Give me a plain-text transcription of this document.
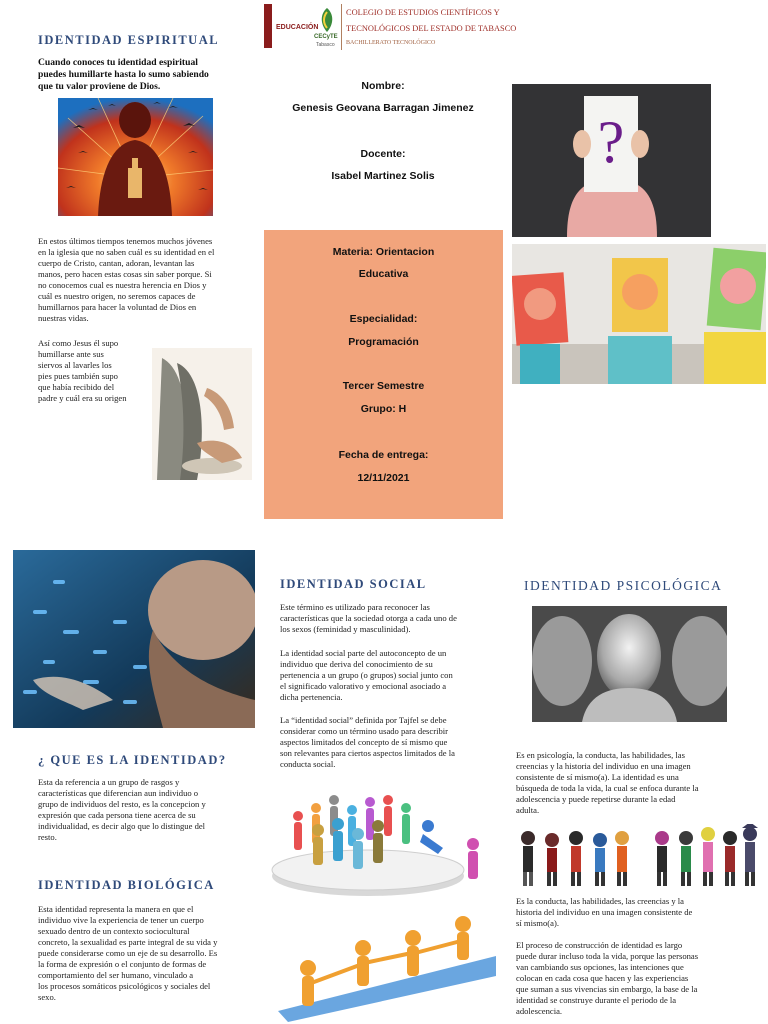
EDUCACIÓN
CECyTE
Tabasco
COLEGIO DE ESTUDIOS CIENTÍFICOS Y
TECNOLÓGICOS DEL ESTADO DE TABASCO
BACHILLERATO TECNOLÓGICO
Nombre:
Genesis Geovana Barragan Jimenez
Docente:
Isabel Martinez Solis
Materia: Orientacion
Educativa
Especialidad:
Programación
Tercer Semestre
Grupo: H
Fecha de entrega:
12/11/2021
IDENTIDAD ESPIRITUAL
Cuando conoces tu identidad espiritual
puedes humillarte hasta lo sumo sabiendo
que tu valor proviene de Dios.
En estos últimos tiempos tenemos muchos jóvenes
en la iglesia que no saben cuál es su identidad en el
cuerpo de Cristo, cantan, adoran, levantan las
manos, pero hacen estas cosas sin saber porque. Si
no conocemos cual es nuestra herencia en Dios y
cuál es nuestro origen, no seremos capaces de
humillarnos para hacer la voluntad de Dios en
nuestras vidas.
Así como Jesus él supo
humillarse ante sus
siervos al lavarles los
pies pues también supo
que había recibido del
padre y cuál era su origen
?
¿ QUE ES LA IDENTIDAD?
Esta da referencia a un grupo de rasgos y
características que diferencian aun individuo o
grupo de individuos del resto, es la concepcion y
expresión que cada persona tiene acerca de su
individualidad, es decir algo que lo distingue del
resto.
IDENTIDAD BIOLÓGICA
Esta identidad representa la manera en que el
individuo vive la experiencia de tener un cuerpo
sexuado dentro de un contexto sociocultural
concreto, la sexualidad es parte integral de su vida y
puede considerarse como un eje de su desarrollo. Es
la forma de expresión o el conjunto de formas de
comportamiento del ser humano, vinculado a
los procesos somáticos psicológicos y sociales del
sexo.
IDENTIDAD SOCIAL
Este término es utilizado para reconocer las
características que la sociedad otorga a cada uno de
los sexos (feminidad y masculinidad).
La identidad social parte del autoconcepto de un
individuo que deriva del conocimiento de su
pertenencia a un grupo (o grupos) social junto con
el significado valorativo y emocional asociado a
dicha pertenencia.
La “identidad social” definida por Tajfel se debe
considerar como un término usado para describir
aspectos limitados del concepto de sí mismo que
son relevantes para ciertos aspectos limitados de la
conducta social.
IDENTIDAD PSICOLÓGICA
Es en psicología, la conducta, las habilidades, las
creencias y la historia del individuo en una imagen
consistente de sí mismo(a). La identidad es una
búsqueda de toda la vida, la cual se enfoca durante la
adolescencia y puede repetirse durante la edad
adulta.
Es la conducta, las habilidades, las creencias y la
historia del individuo en una imagen consistente de
sí mismo(a).
El proceso de construcción de identidad es largo
puede durar incluso toda la vida, porque las personas
van cambiando sus opciones, las intenciones que
colocan en cada cosa que hacen y las experiencias
que suman a sus vivencias sin embargo, la base de la
identidad se construye durante el periodo de la
adolescencia.
